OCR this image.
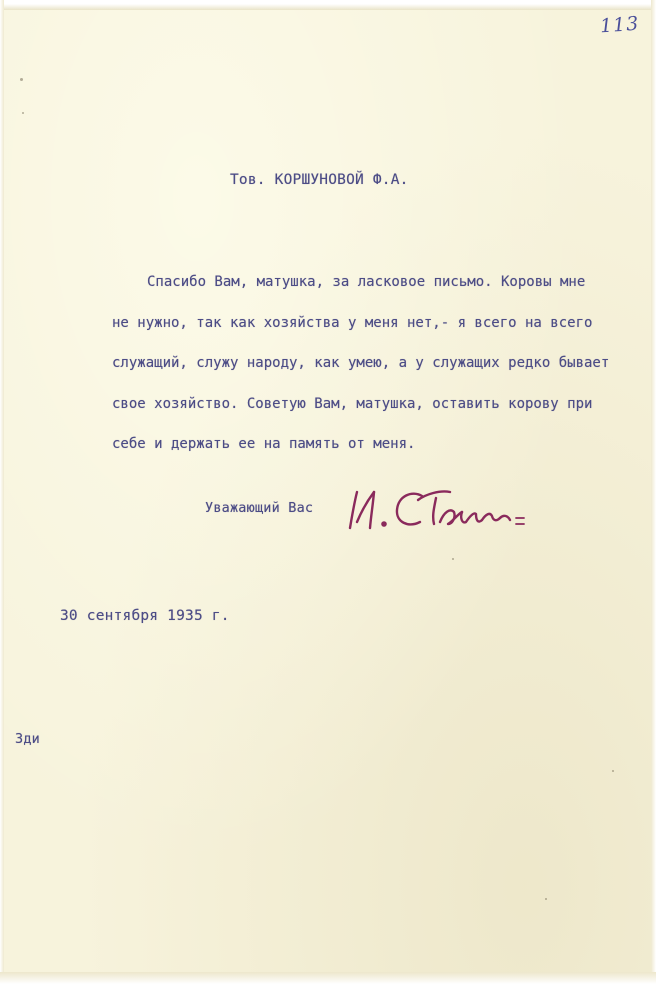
113
Тов. КОРШУНОВОЙ Ф.А.
Спасибо Вам, матушка, за ласковое письмо. Коровы мне
не нужно, так как хозяйства у меня нет,- я всего на всего
служащий, служу народу, как умею, а у служащих редко бывает
свое хозяйство. Советую Вам, матушка, оставить корову при
себе и держать ее на память от меня.
Уважающий Вас
30 сентября 1935 г.
Зди
